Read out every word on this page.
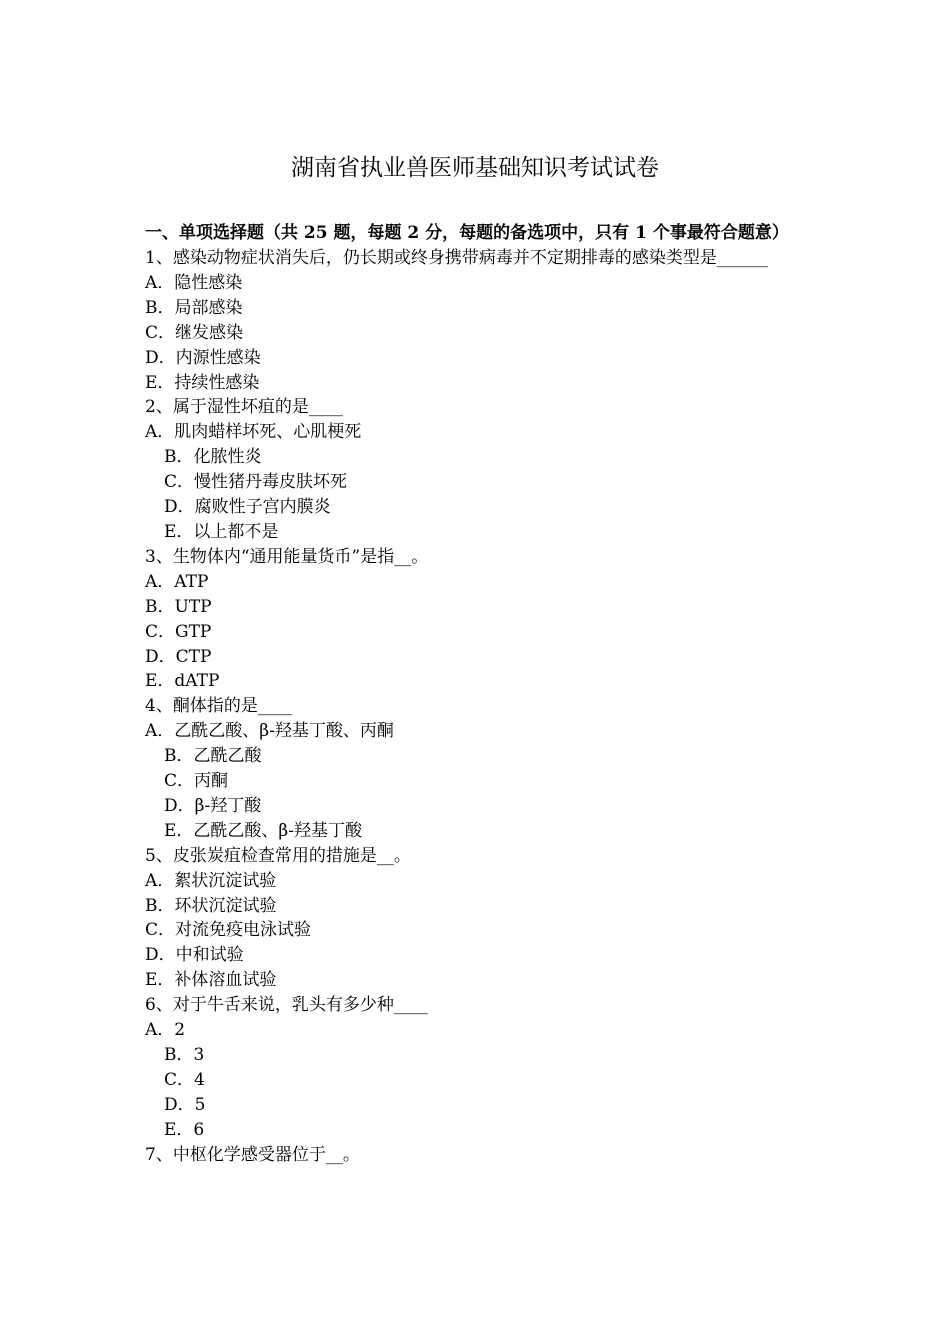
湖南省执业兽医师基础知识考试试卷

一、单项选择题（共 25 题，每题 2 分，每题的备选项中，只有 1 个事最符合题意）

1、感染动物症状消失后，仍长期或终身携带病毒并不定期排毒的感染类型是______

A．隐性感染

B．局部感染

C．继发感染

D．内源性感染

E．持续性感染

2、属于湿性坏疽的是____

A．肌肉蜡样坏死、心肌梗死

B．化脓性炎

C．慢性猪丹毒皮肤坏死

D．腐败性子宫内膜炎

E．以上都不是

3、生物体内“通用能量货币”是指__。

A．ATP

B．UTP

C．GTP

D．CTP

E．dATP

4、酮体指的是____

A．乙酰乙酸、β-羟基丁酸、丙酮

B．乙酰乙酸

C．丙酮

D．β-羟丁酸

E．乙酰乙酸、β-羟基丁酸

5、皮张炭疽检查常用的措施是__。

A．絮状沉淀试验

B．环状沉淀试验

C．对流免疫电泳试验

D．中和试验

E．补体溶血试验

6、对于牛舌来说，乳头有多少种____

A．2

B．3

C．4

D．5

E．6

7、中枢化学感受器位于__。
